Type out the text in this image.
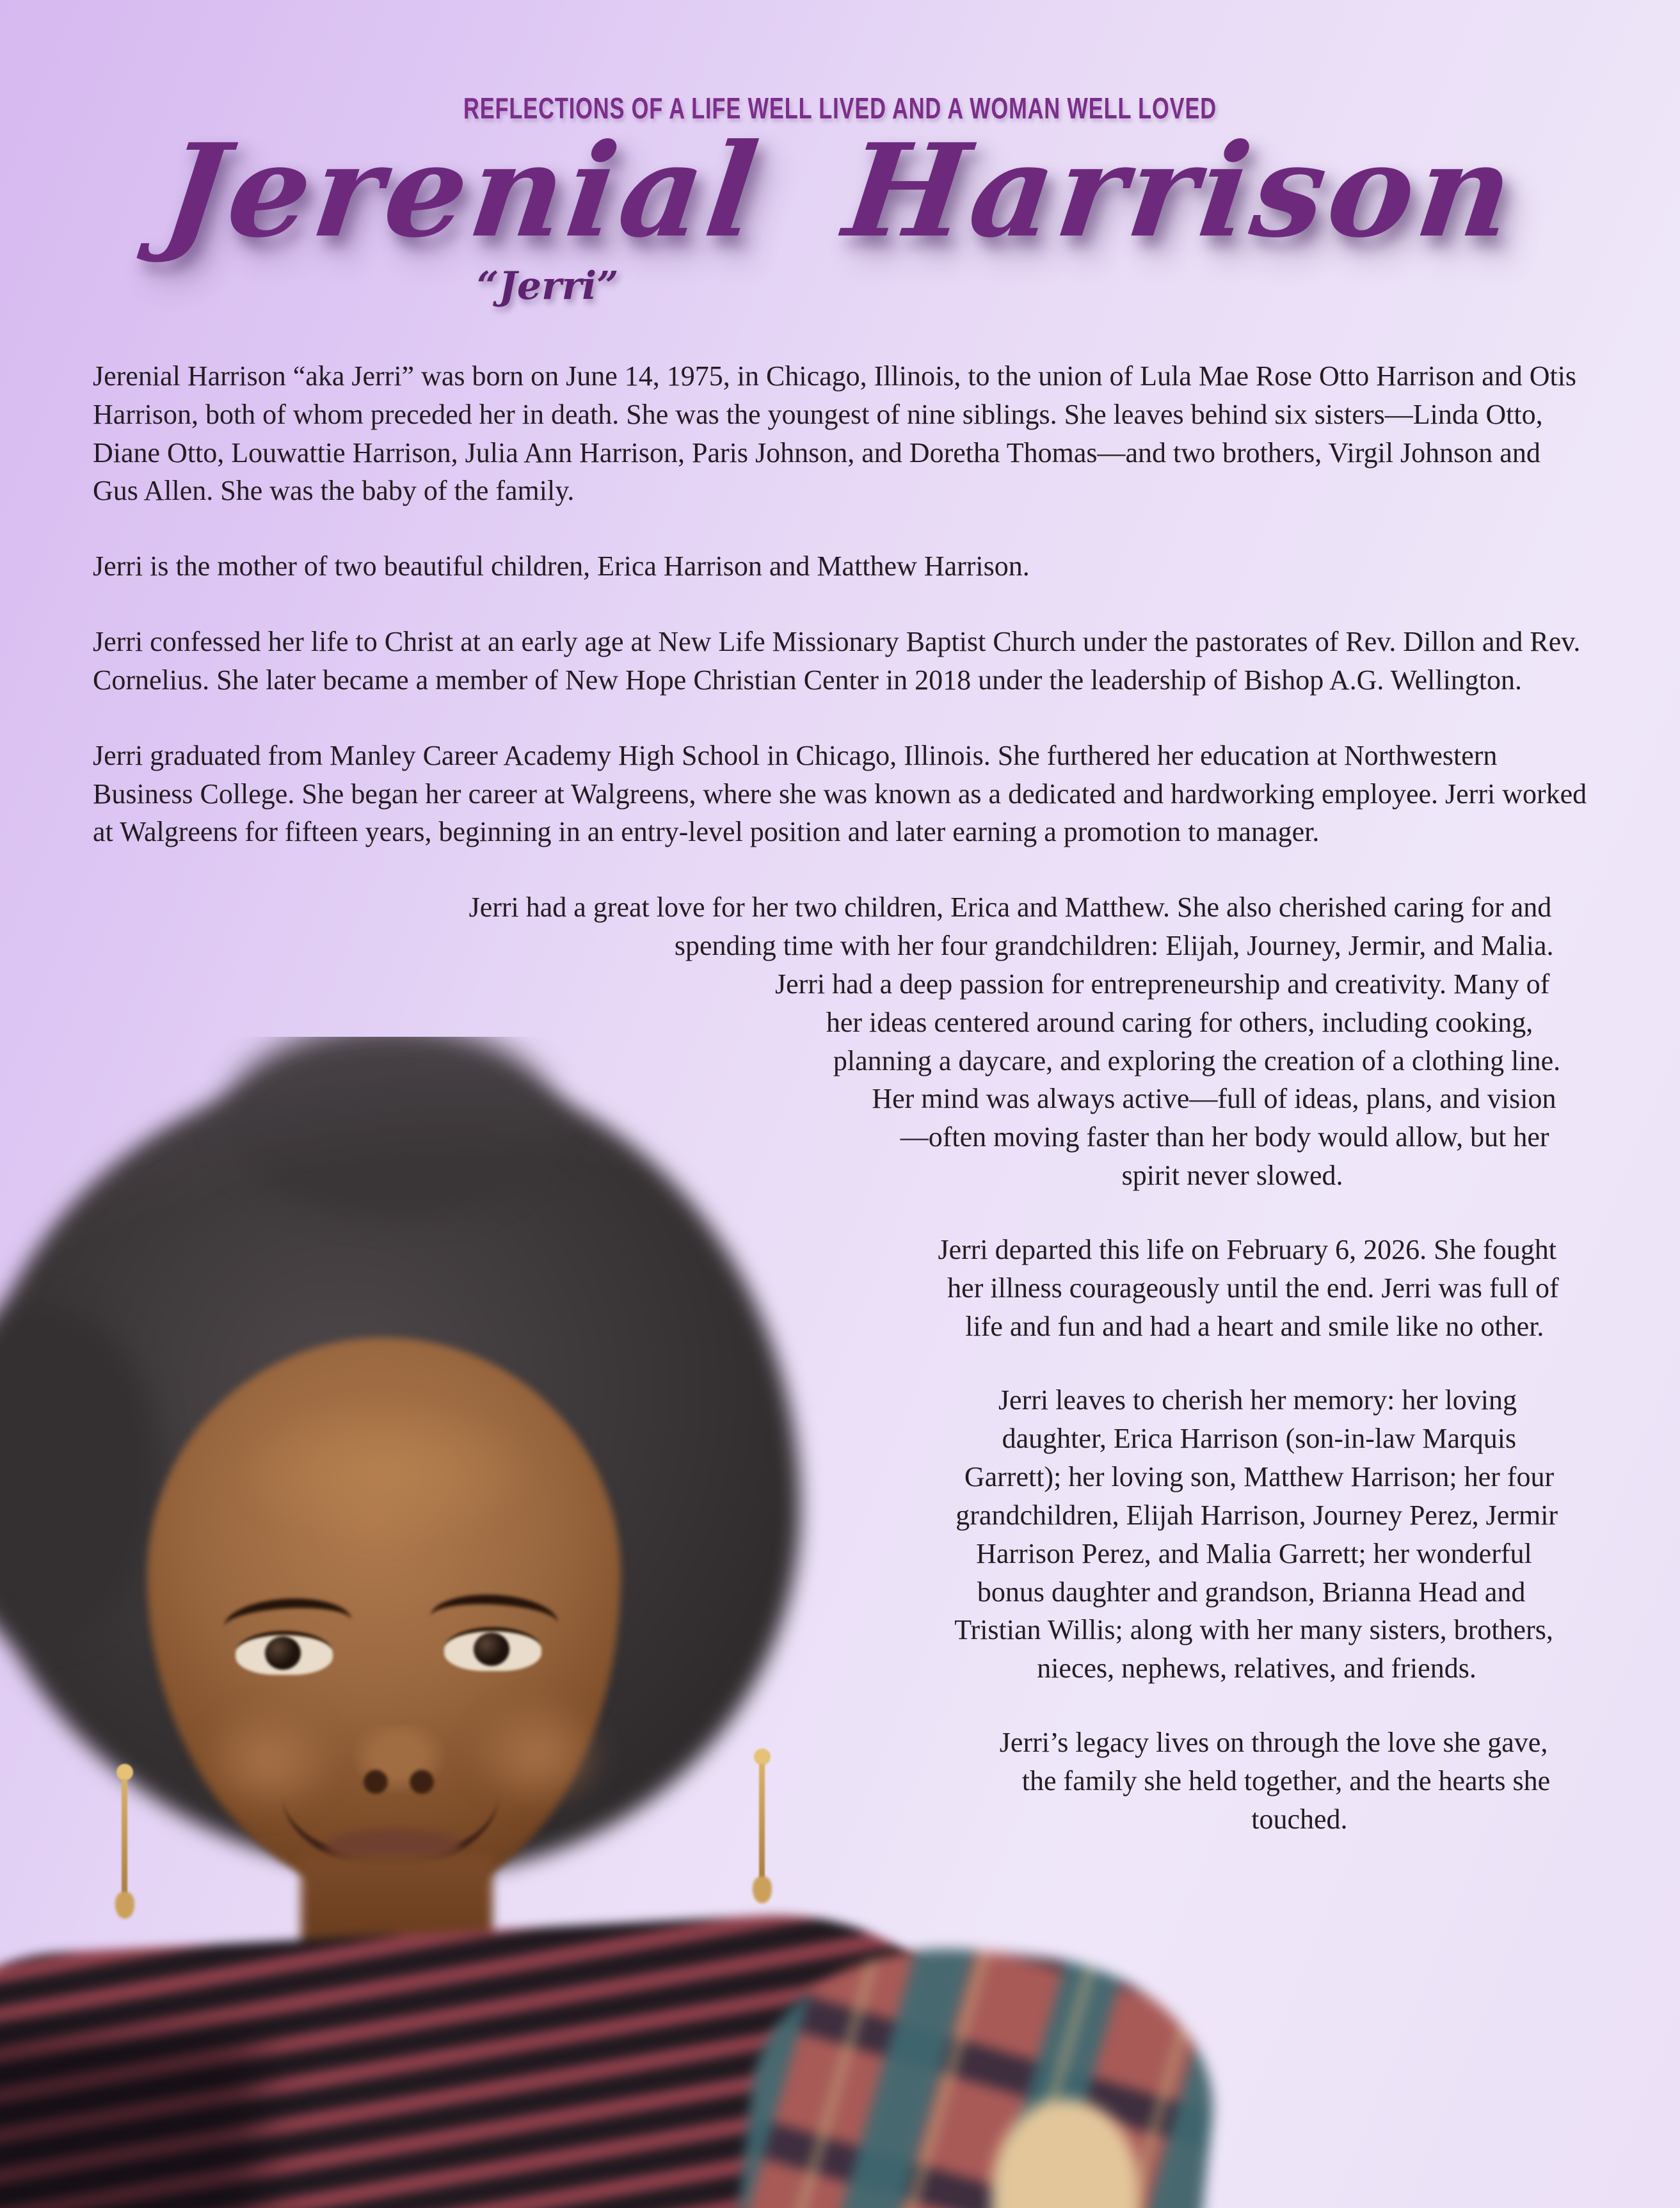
REFLECTIONS OF A LIFE WELL LIVED AND A WOMAN WELL LOVED
Jerenial Harrison
“Jerri”

Jerenial Harrison “aka Jerri” was born on June 14, 1975, in Chicago, Illinois, to the union of Lula Mae Rose Otto Harrison and Otis Harrison, both of whom preceded her in death. She was the youngest of nine siblings. She leaves behind six sisters—Linda Otto, Diane Otto, Louwattie Harrison, Julia Ann Harrison, Paris Johnson, and Doretha Thomas—and two brothers, Virgil Johnson and Gus Allen. She was the baby of the family.

Jerri is the mother of two beautiful children, Erica Harrison and Matthew Harrison.

Jerri confessed her life to Christ at an early age at New Life Missionary Baptist Church under the pastorates of Rev. Dillon and Rev. Cornelius. She later became a member of New Hope Christian Center in 2018 under the leadership of Bishop A.G. Wellington.

Jerri graduated from Manley Career Academy High School in Chicago, Illinois. She furthered her education at Northwestern Business College. She began her career at Walgreens, where she was known as a dedicated and hardworking employee. Jerri worked at Walgreens for fifteen years, beginning in an entry-level position and later earning a promotion to manager.

Jerri had a great love for her two children, Erica and Matthew. She also cherished caring for and spending time with her four grandchildren: Elijah, Journey, Jermir, and Malia. Jerri had a deep passion for entrepreneurship and creativity. Many of her ideas centered around caring for others, including cooking, planning a daycare, and exploring the creation of a clothing line. Her mind was always active—full of ideas, plans, and vision—often moving faster than her body would allow, but her spirit never slowed.

Jerri departed this life on February 6, 2026. She fought her illness courageously until the end. Jerri was full of life and fun and had a heart and smile like no other.

Jerri leaves to cherish her memory: her loving daughter, Erica Harrison (son-in-law Marquis Garrett); her loving son, Matthew Harrison; her four grandchildren, Elijah Harrison, Journey Perez, Jermir Harrison Perez, and Malia Garrett; her wonderful bonus daughter and grandson, Brianna Head and Tristian Willis; along with her many sisters, brothers, nieces, nephews, relatives, and friends.

Jerri’s legacy lives on through the love she gave, the family she held together, and the hearts she touched.
